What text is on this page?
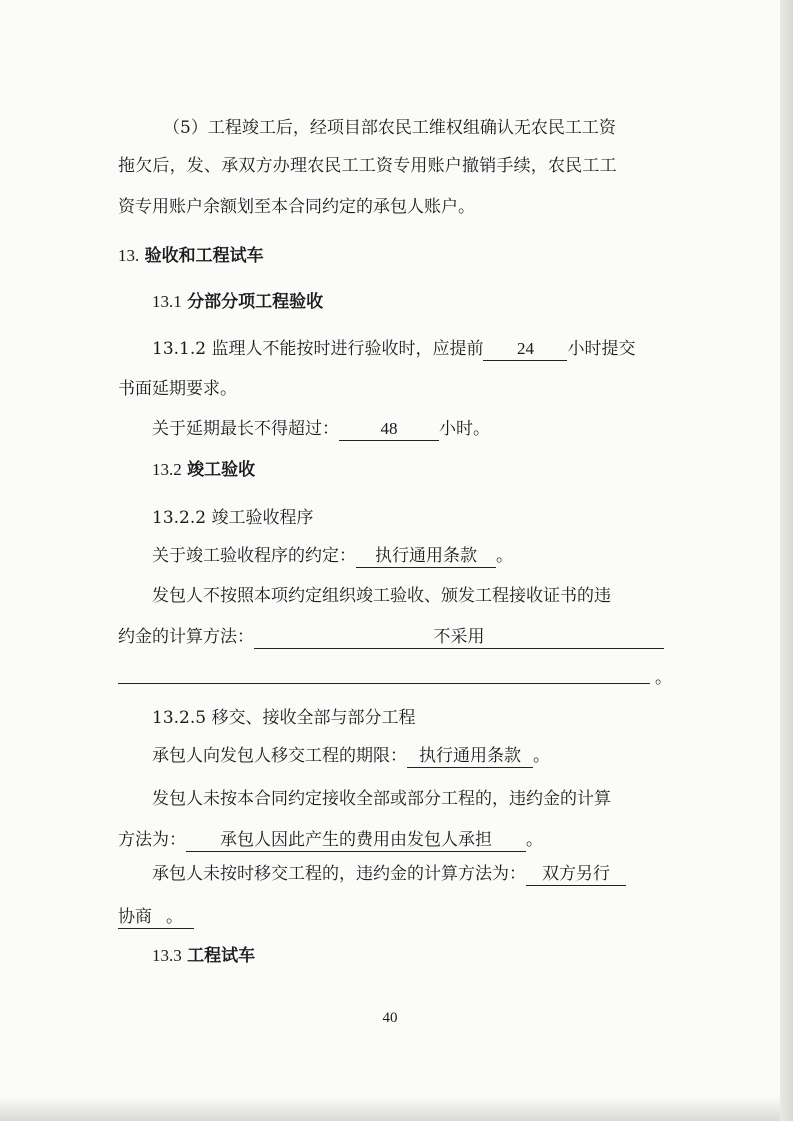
（5）工程竣工后，经项目部农民工维权组确认无农民工工资
拖欠后，发、承双方办理农民工工资专用账户撤销手续，农民工工
资专用账户余额划至本合同约定的承包人账户。
13. 验收和工程试车
13.1 分部分项工程验收
13.1.2 监理人不能按时进行验收时，应提前 24 小时提交
书面延期要求。
关于延期最长不得超过： 48 小时。
13.2 竣工验收
13.2.2 竣工验收程序
关于竣工验收程序的约定： 执行通用条款 。
发包人不按照本项约定组织竣工验收、颁发工程接收证书的违
约金的计算方法：	不采用
。
13.2.5 移交、接收全部与部分工程
承包人向发包人移交工程的期限： 执行通用条款 。
发包人未按本合同约定接收全部或部分工程的，违约金的计算
方法为： 承包人因此产生的费用由发包人承担 。
承包人未按时移交工程的，违约金的计算方法为： 双方另行
协商 。
13.3 工程试车
40
